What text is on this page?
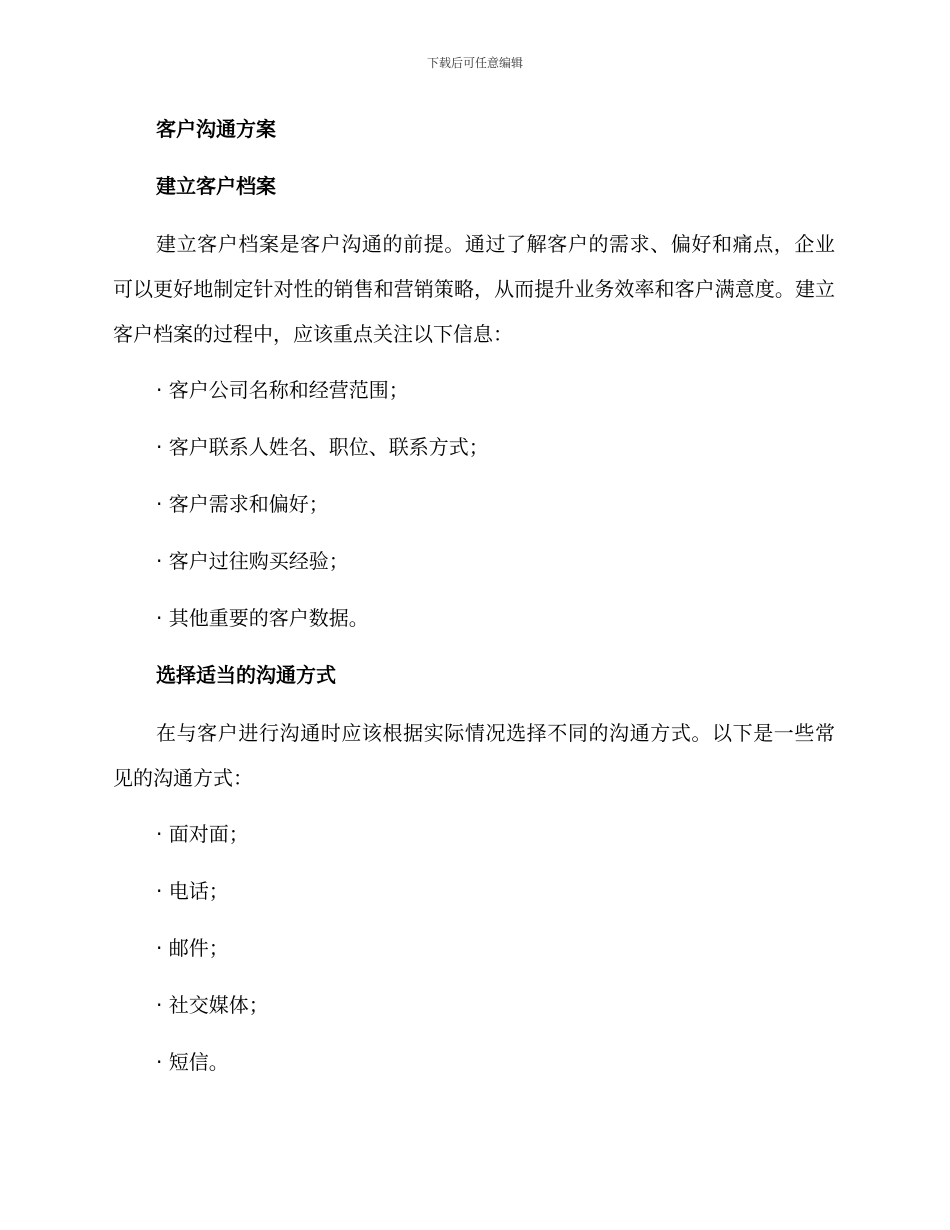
下载后可任意编辑
客户沟通方案
建立客户档案

建立客户档案是客户沟通的前提。通过了解客户的需求、偏好和痛点，企业可以更好地制定针对性的销售和营销策略，从而提升业务效率和客户满意度。建立客户档案的过程中，应该重点关注以下信息：

· 客户公司名称和经营范围；
· 客户联系人姓名、职位、联系方式；
· 客户需求和偏好；
· 客户过往购买经验；
· 其他重要的客户数据。
选择适当的沟通方式

在与客户进行沟通时应该根据实际情况选择不同的沟通方式。以下是一些常见的沟通方式：

· 面对面；
· 电话；
· 邮件；
· 社交媒体；
· 短信。
